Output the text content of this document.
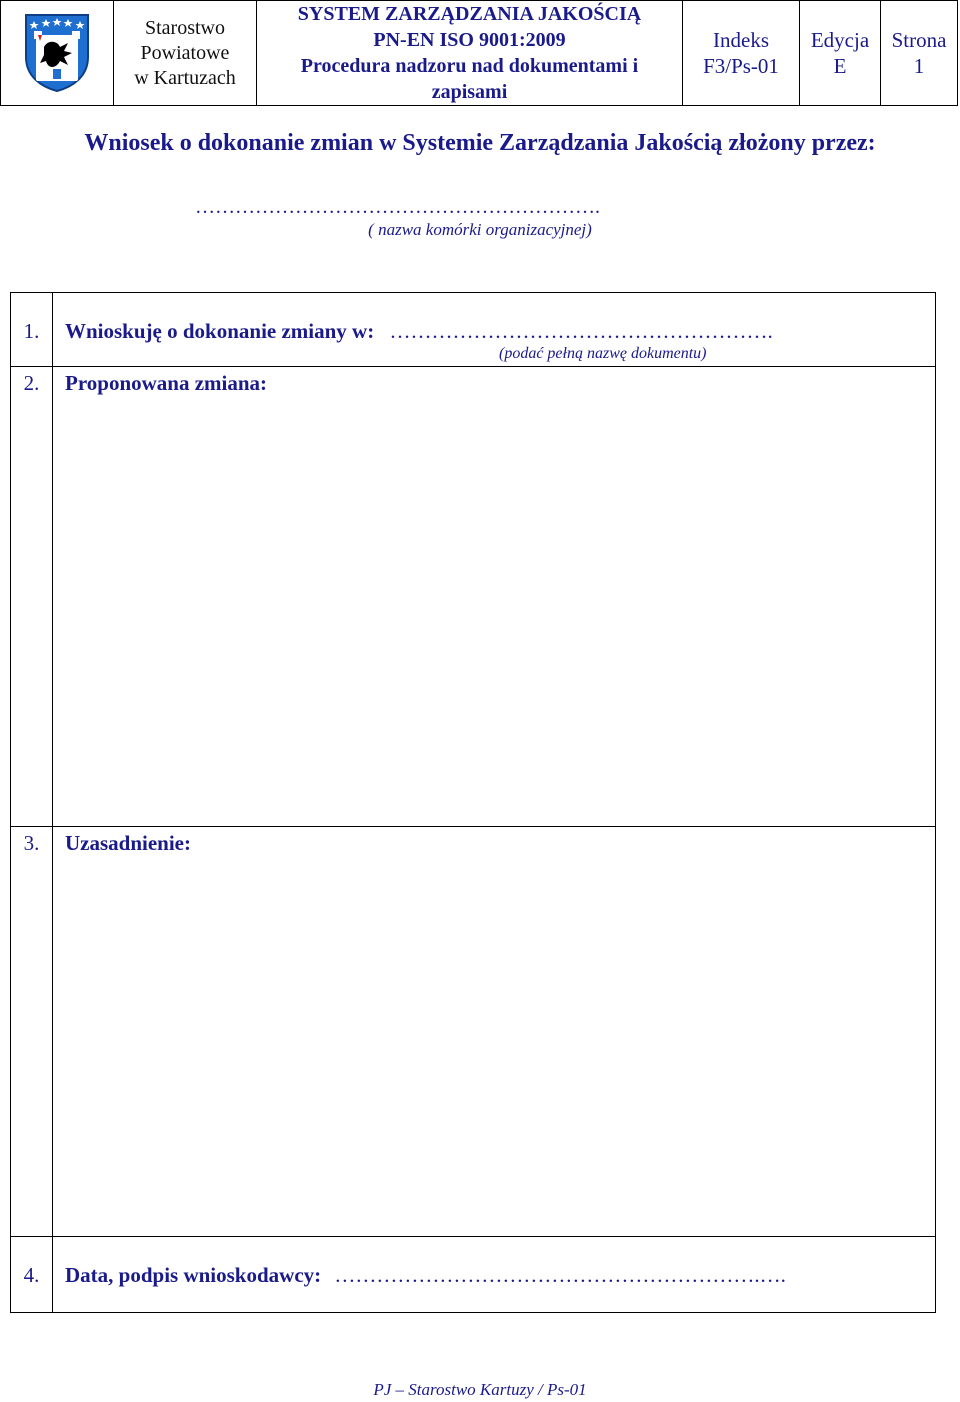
Starostwo
Powiatowe
w Kartuzach

SYSTEM ZARZĄDZANIA JAKOŚCIĄ
PN-EN ISO 9001:2009
Procedura nadzoru nad dokumentami i
zapisami

Indeks
F3/Ps-01

Edycja
E

Strona
1
Wniosek o dokonanie zmian w Systemie Zarządzania Jakością złożony przez:
…………………………………………………….
( nazwa komórki organizacyjnej)
1.	Wnioskuję o dokonanie zmiany w: ……………………………………………….
(podać pełną nazwę dokumentu)
2.	Proponowana zmiana:
3.	Uzasadnienie:
4.	Data, podpis wnioskodawcy: …………………………………………………….….
PJ – Starostwo Kartuzy / Ps-01
